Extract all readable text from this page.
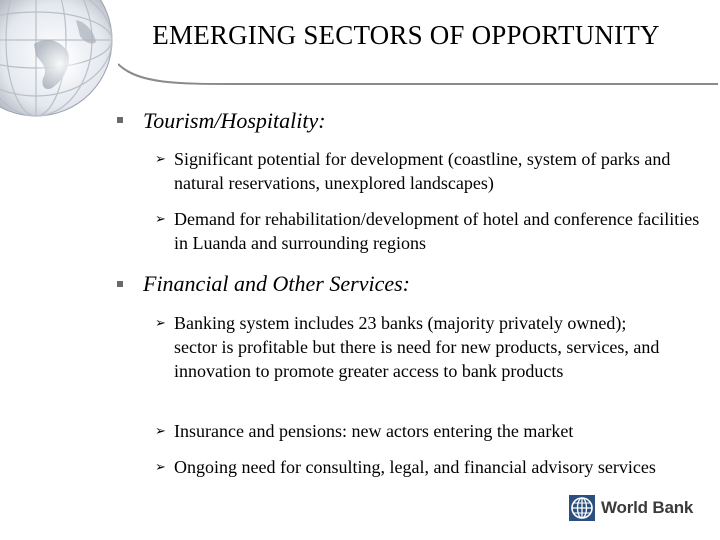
EMERGING SECTORS OF OPPORTUNITY
Tourism/Hospitality:
➢ Significant potential for development (coastline, system of parks and natural reservations, unexplored landscapes)
➢ Demand for rehabilitation/development of hotel and conference facilities in Luanda and surrounding regions
Financial and Other Services:
➢ Banking system includes 23 banks (majority privately owned); sector is profitable but there is need for new products, services, and innovation to promote greater access to bank products
➢ Insurance and pensions: new actors entering the market
➢ Ongoing need for consulting, legal, and financial advisory services
World Bank
